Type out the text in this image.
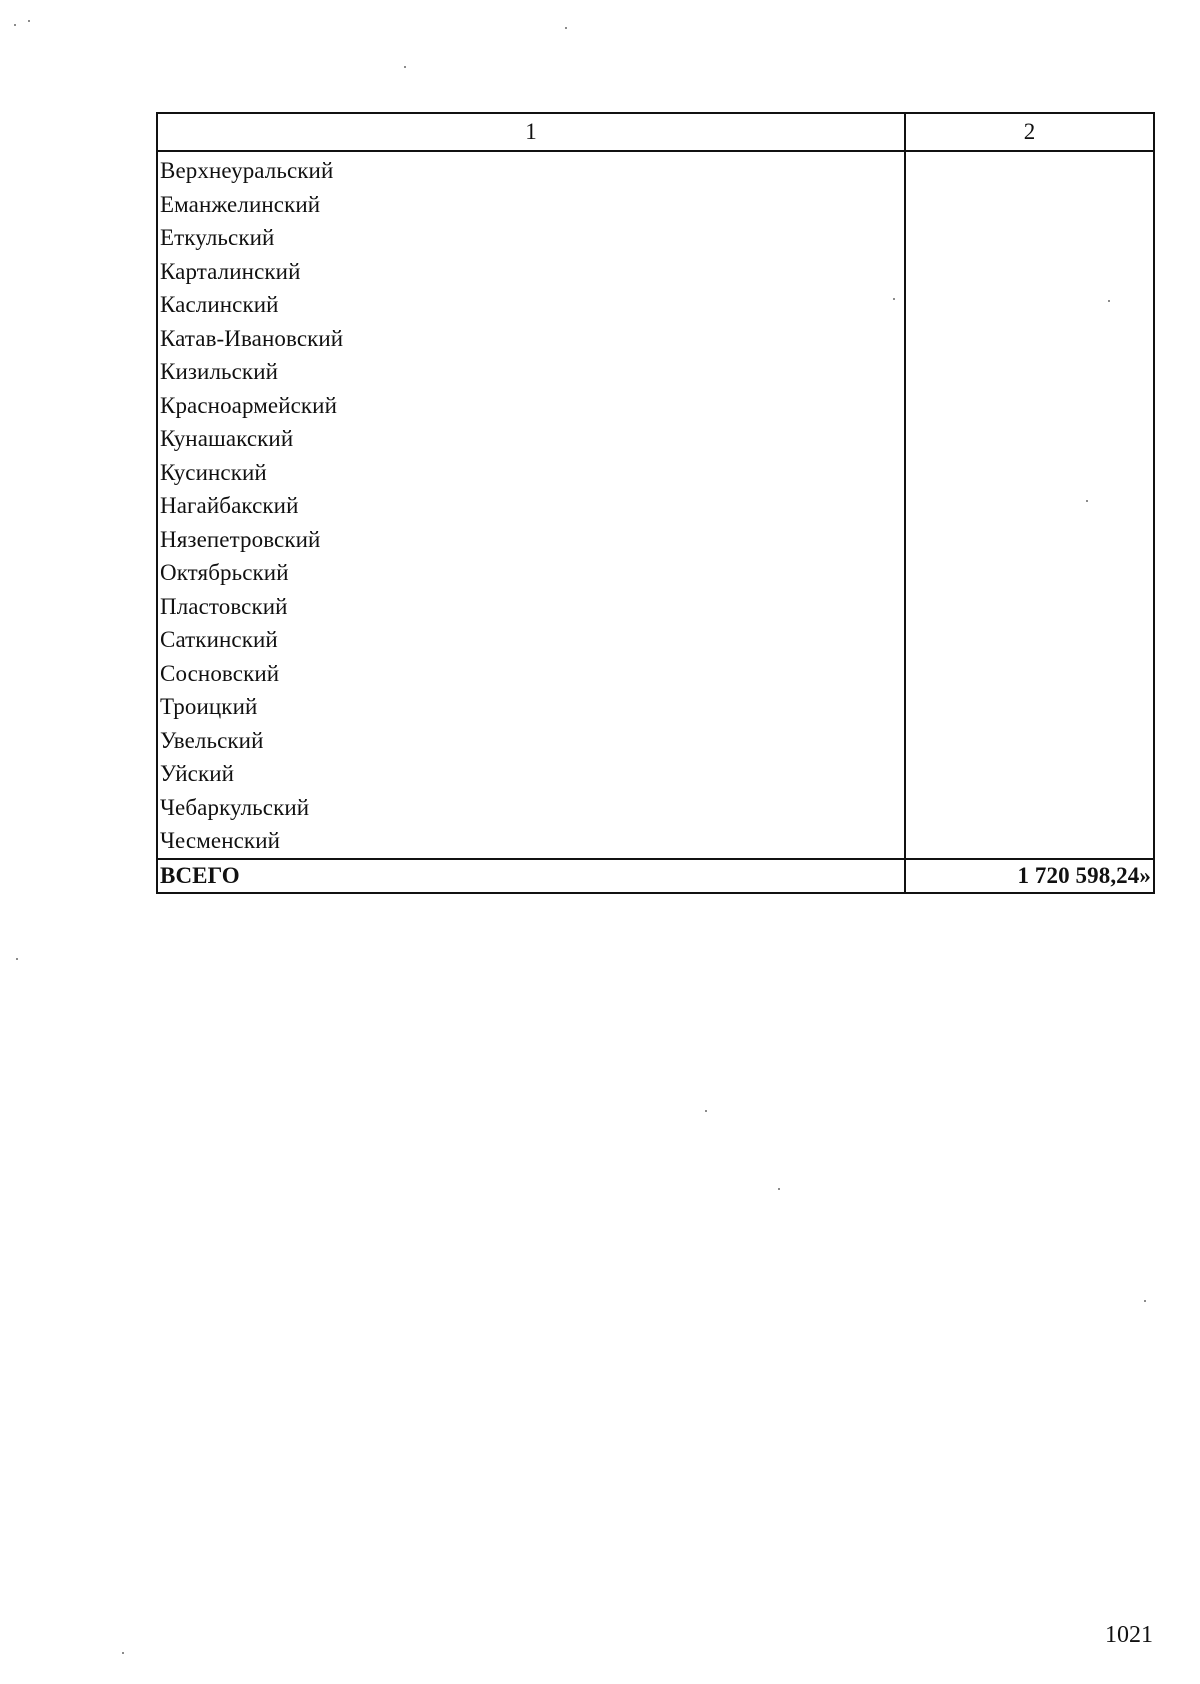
1	2
Верхнеуральский	
Еманжелинский	
Еткульский	
Карталинский	
Каслинский	
Катав-Ивановский	
Кизильский	
Красноармейский	
Кунашакский	
Кусинский	
Нагайбакский	
Нязепетровский	
Октябрьский	
Пластовский	
Саткинский	
Сосновский	
Троицкий	
Увельский	
Уйский	
Чебаркульский	
Чесменский	
ВСЕГО	1 720 598,24»
1021
